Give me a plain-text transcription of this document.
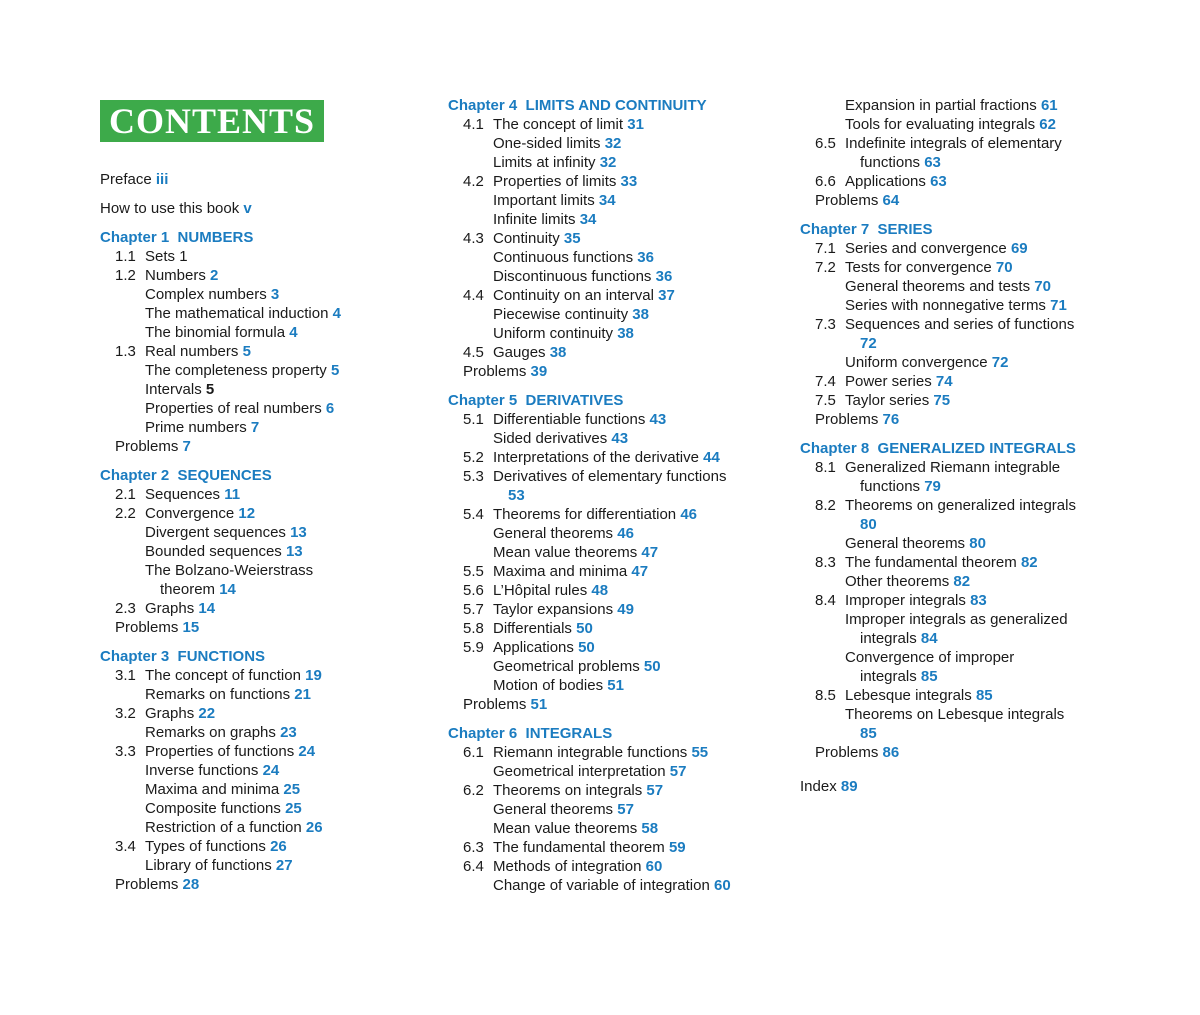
CONTENTS
Preface iii
How to use this book v
Chapter 1 NUMBERS
1.1 Sets 1
1.2 Numbers 2
Complex numbers 3
The mathematical induction 4
The binomial formula 4
1.3 Real numbers 5
The completeness property 5
Intervals 5
Properties of real numbers 6
Prime numbers 7
Problems 7
Chapter 2 SEQUENCES
2.1 Sequences 11
2.2 Convergence 12
Divergent sequences 13
Bounded sequences 13
The Bolzano-Weierstrass
theorem 14
2.3 Graphs 14
Problems 15
Chapter 3 FUNCTIONS
3.1 The concept of function 19
Remarks on functions 21
3.2 Graphs 22
Remarks on graphs 23
3.3 Properties of functions 24
Inverse functions 24
Maxima and minima 25
Composite functions 25
Restriction of a function 26
3.4 Types of functions 26
Library of functions 27
Problems 28
Chapter 4 LIMITS AND CONTINUITY
4.1 The concept of limit 31
One-sided limits 32
Limits at infinity 32
4.2 Properties of limits 33
Important limits 34
Infinite limits 34
4.3 Continuity 35
Continuous functions 36
Discontinuous functions 36
4.4 Continuity on an interval 37
Piecewise continuity 38
Uniform continuity 38
4.5 Gauges 38
Problems 39
Chapter 5 DERIVATIVES
5.1 Differentiable functions 43
Sided derivatives 43
5.2 Interpretations of the derivative 44
5.3 Derivatives of elementary functions
53
5.4 Theorems for differentiation 46
General theorems 46
Mean value theorems 47
5.5 Maxima and minima 47
5.6 L’Hôpital rules 48
5.7 Taylor expansions 49
5.8 Differentials 50
5.9 Applications 50
Geometrical problems 50
Motion of bodies 51
Problems 51
Chapter 6 INTEGRALS
6.1 Riemann integrable functions 55
Geometrical interpretation 57
6.2 Theorems on integrals 57
General theorems 57
Mean value theorems 58
6.3 The fundamental theorem 59
6.4 Methods of integration 60
Change of variable of integration 60
Expansion in partial fractions 61
Tools for evaluating integrals 62
6.5 Indefinite integrals of elementary
functions 63
6.6 Applications 63
Problems 64
Chapter 7 SERIES
7.1 Series and convergence 69
7.2 Tests for convergence 70
General theorems and tests 70
Series with nonnegative terms 71
7.3 Sequences and series of functions
72
Uniform convergence 72
7.4 Power series 74
7.5 Taylor series 75
Problems 76
Chapter 8 GENERALIZED INTEGRALS
8.1 Generalized Riemann integrable
functions 79
8.2 Theorems on generalized integrals
80
General theorems 80
8.3 The fundamental theorem 82
Other theorems 82
8.4 Improper integrals 83
Improper integrals as generalized
integrals 84
Convergence of improper
integrals 85
8.5 Lebesque integrals 85
Theorems on Lebesque integrals
85
Problems 86
Index 89
